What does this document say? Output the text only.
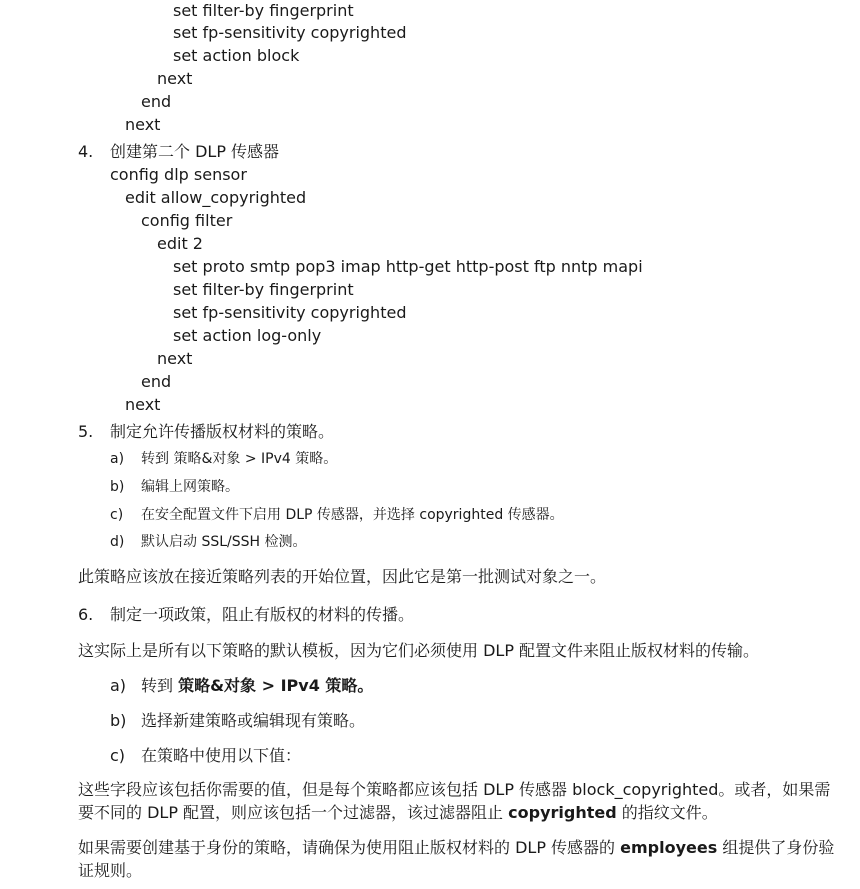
set filter-by fingerprint
set fp-sensitivity copyrighted
set action block
next
end
next
4. 创建第二个 DLP 传感器
config dlp sensor
edit allow_copyrighted
config filter
edit 2
set proto smtp pop3 imap http-get http-post ftp nntp mapi
set filter-by fingerprint
set fp-sensitivity copyrighted
set action log-only
next
end
next
5. 制定允许传播版权材料的策略。
a) 转到 策略&对象 > IPv4 策略。
b) 编辑上网策略。
c) 在安全配置文件下启用 DLP 传感器，并选择 copyrighted 传感器。
d) 默认启动 SSL/SSH 检测。
此策略应该放在接近策略列表的开始位置，因此它是第一批测试对象之一。
6. 制定一项政策，阻止有版权的材料的传播。
这实际上是所有以下策略的默认模板，因为它们必须使用 DLP 配置文件来阻止版权材料的传输。
a) 转到 策略&对象 > IPv4 策略。
b) 选择新建策略或编辑现有策略。
c) 在策略中使用以下值：
这些字段应该包括你需要的值，但是每个策略都应该包括 DLP 传感器 block_copyrighted。或者，如果需
要不同的 DLP 配置，则应该包括一个过滤器，该过滤器阻止 copyrighted 的指纹文件。
如果需要创建基于身份的策略，请确保为使用阻止版权材料的 DLP 传感器的 employees 组提供了身份验
证规则。
